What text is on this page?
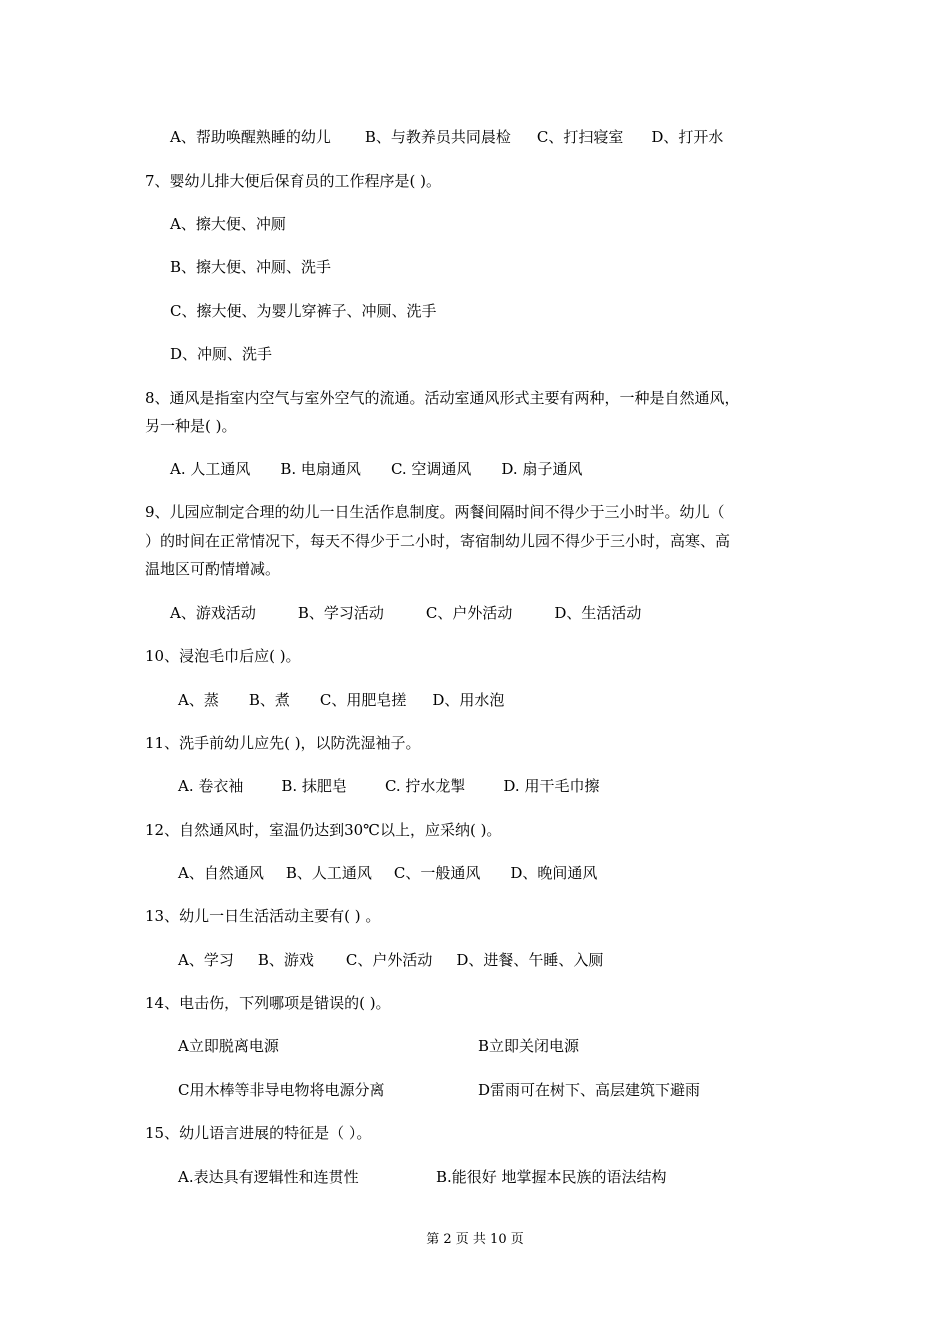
A、帮助唤醒熟睡的幼儿 B、与教养员共同晨检 C、打扫寝室 D、打开水
7、婴幼儿排大便后保育员的工作程序是( )。
A、擦大便、冲厕
B、擦大便、冲厕、洗手
C、擦大便、为婴儿穿裤子、冲厕、洗手
D、冲厕、洗手
8、通风是指室内空气与室外空气的流通。活动室通风形式主要有两种，一种是自然通风，
另一种是( )。
A. 人工通风 B. 电扇通风 C. 空调通风 D. 扇子通风
9、儿园应制定合理的幼儿一日生活作息制度。两餐间隔时间不得少于三小时半。幼儿（
）的时间在正常情况下，每天不得少于二小时，寄宿制幼儿园不得少于三小时，高寒、高
温地区可酌情增减。
A、游戏活动	B、学习活动	C、户外活动	D、生活活动
10、浸泡毛巾后应( )。
A、蒸 B、煮 C、用肥皂搓 D、用水泡
11、洗手前幼儿应先( )，以防洗湿袖子。
A. 卷衣袖	B. 抹肥皂	C. 拧水龙掣	D. 用干毛巾擦
12、自然通风时，室温仍达到30℃以上，应采纳( )。
A、自然通风 B、人工通风 C、一般通风 D、晚间通风
13、幼儿一日生活活动主要有( ) 。
A、学习 B、游戏 C、户外活动 D、进餐、午睡、入厕
14、电击伤，下列哪项是错误的( )。
A立即脱离电源	B立即关闭电源
C用木棒等非导电物将电源分离	D雷雨可在树下、高层建筑下避雨
15、幼儿语言进展的特征是（ ）。
A.表达具有逻辑性和连贯性	B.能很好 地掌握本民族的语法结构
第 2 页 共 10 页
